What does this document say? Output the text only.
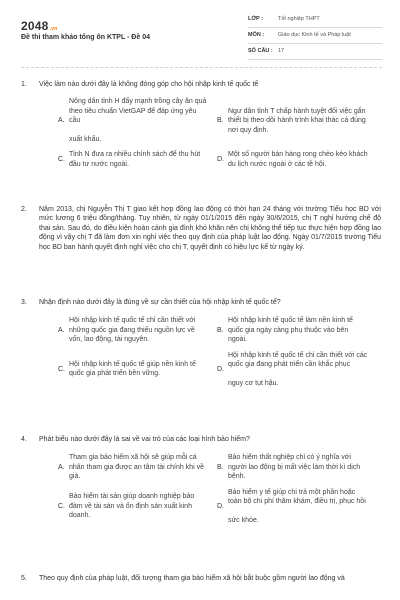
2048.vn
Đề thi tham khảo tổng ôn KTPL - Đề 04
LỚP :	Tốt nghiệp THPT
MÔN :	Giáo dục Kinh tế và Pháp luật
SỐ CÂU : 17
1.	Việc làm nào dưới đây là không đóng góp cho hội nhập kinh tế quốc tế
A.
Nông dân tỉnh H đẩy mạnh trồng cây ăn quả theo tiêu chuẩn VietGAP để đáp ứng yêu cầu
xuất khẩu.
B.
Ngư dân tỉnh T chấp hành tuyệt đối việc gắn thiết bị theo dõi hành trình khai thác cá đúng nơi quy định.
C.
Tỉnh N đưa ra nhiều chính sách để thu hút đầu tư nước ngoài.
D.
Một số người bán hàng rong chèo kéo khách du lịch nước ngoài ở các tề hội.
2.	Năm 2013, chị Nguyễn Thị T giao kết hợp đồng lao động có thời hạn 24 tháng với trường Tiểu học BD với mức lương 6 triệu đồng/tháng. Tuy nhiên, từ ngày 01/1/2015 đến ngày 30/6/2015, chị T nghỉ hưởng chế độ thai sản. Sau đó, do điều kiện hoàn cảnh gia đình khó khăn nên chị không thể tiếp tục thực hiện hợp đồng lao động vì vậy chị T đã làm đơn xin nghỉ việc theo quy định của pháp luật lao động. Ngày 01/7/2015 trường Tiểu học BD ban hành quyết định nghỉ việc cho chị T, quyết định có hiệu lực kể từ ngày ký.
3.	Nhận định nào dưới đây là đúng về sự cần thiết của hội nhập kinh tế quốc tế?
A.
Hội nhập kinh tế quốc tế chỉ cần thiết với những quốc gia đang thiếu nguồn lực về vốn, lao động, tài nguyên.
B.
Hội nhập kinh tế quốc tế làm nền kinh tế quốc gia ngày càng phụ thuộc vào bên ngoài.
C.
Hội nhập kinh tế quốc tế giúp nền kinh tế quốc gia phát triển bền vững.
D.
Hội nhập kinh tế quốc tế chỉ cần thiết với các quốc gia đang phát triển cần khắc phục
nguy cơ tụt hậu.
4.	Phát biểu nào dưới đây là sai về vai trò của các loại hình bảo hiểm?
A.
Tham gia bảo hiểm xã hội sẽ giúp mỗi cá nhân tham gia được an tâm tài chính khi về già.
B.
Bảo hiểm thất nghiệp chỉ có ý nghĩa với người lao động bị mất việc làm thời kì dịch bệnh.
C.
Bảo hiểm tài sản giúp doanh nghiệp bảo đảm về tài sản và ổn định sản xuất kinh doanh.
D.
Bảo hiểm y tế giúp chi trả một phần hoặc toàn bộ chi phí thăm khám, điều trị, phục hồi
sức khỏe.
5.	Theo quy định của pháp luật, đối tượng tham gia bảo hiểm xã hội bắt buộc gồm người lao động và
